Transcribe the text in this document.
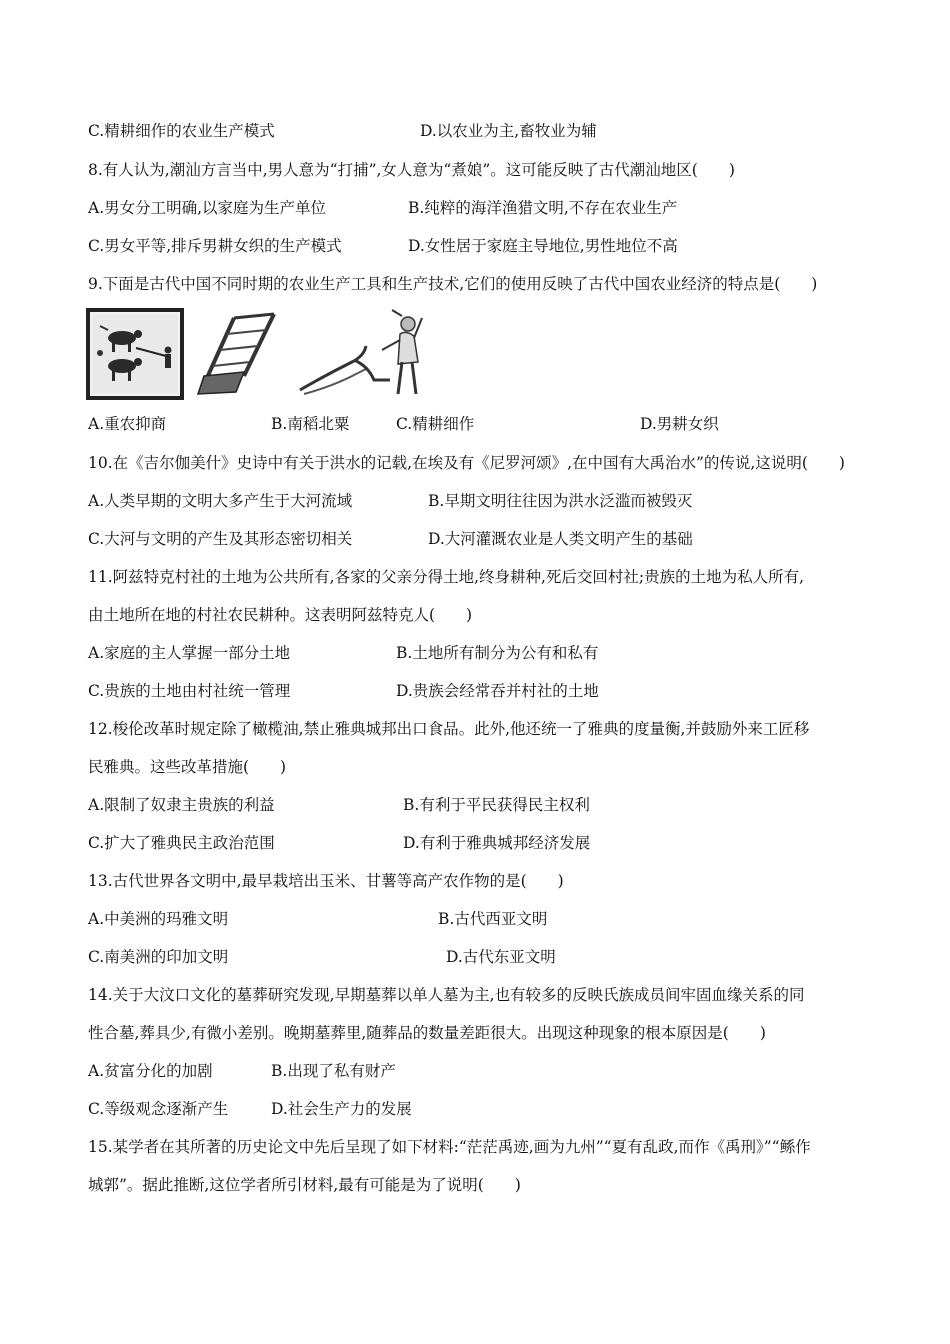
C.精耕细作的农业生产模式	D.以农业为主,畜牧业为辅
8.有人认为,潮汕方言当中,男人意为“打捕”,女人意为“煮娘”。这可能反映了古代潮汕地区(　　)
A.男女分工明确,以家庭为生产单位	B.纯粹的海洋渔猎文明,不存在农业生产
C.男女平等,排斥男耕女织的生产模式	D.女性居于家庭主导地位,男性地位不高
9.下面是古代中国不同时期的农业生产工具和生产技术,它们的使用反映了古代中国农业经济的特点是(　　)
A.重农抑商	B.南稻北粟	C.精耕细作	D.男耕女织
10.在《吉尔伽美什》史诗中有关于洪水的记载,在埃及有《尼罗河颂》,在中国有大禹治水”的传说,这说明(　　)
A.人类早期的文明大多产生于大河流域	B.早期文明往往因为洪水泛滥而被毁灭
C.大河与文明的产生及其形态密切相关	D.大河灌溉农业是人类文明产生的基础
11.阿兹特克村社的土地为公共所有,各家的父亲分得土地,终身耕种,死后交回村社;贵族的土地为私人所有,
由土地所在地的村社农民耕种。这表明阿兹特克人(　　)
A.家庭的主人掌握一部分土地	B.土地所有制分为公有和私有
C.贵族的土地由村社统一管理	D.贵族会经常吞并村社的土地
12.梭伦改革时规定除了橄榄油,禁止雅典城邦出口食品。此外,他还统一了雅典的度量衡,并鼓励外来工匠移
民雅典。这些改革措施(　　)
A.限制了奴隶主贵族的利益	B.有利于平民获得民主权利
C.扩大了雅典民主政治范围	D.有利于雅典城邦经济发展
13.古代世界各文明中,最早栽培出玉米、甘薯等高产农作物的是(　　)
A.中美洲的玛雅文明	B.古代西亚文明
C.南美洲的印加文明	D.古代东亚文明
14.关于大汶口文化的墓葬研究发现,早期墓葬以单人墓为主,也有较多的反映氏族成员间牢固血缘关系的同
性合墓,葬具少,有微小差别。晚期墓葬里,随葬品的数量差距很大。出现这种现象的根本原因是(　　)
A.贫富分化的加剧	B.出现了私有财产
C.等级观念逐渐产生	D.社会生产力的发展
15.某学者在其所著的历史论文中先后呈现了如下材料:“茫茫禹迹,画为九州”“夏有乱政,而作《禹刑》”“鲧作
城郭”。据此推断,这位学者所引材料,最有可能是为了说明(　　)
